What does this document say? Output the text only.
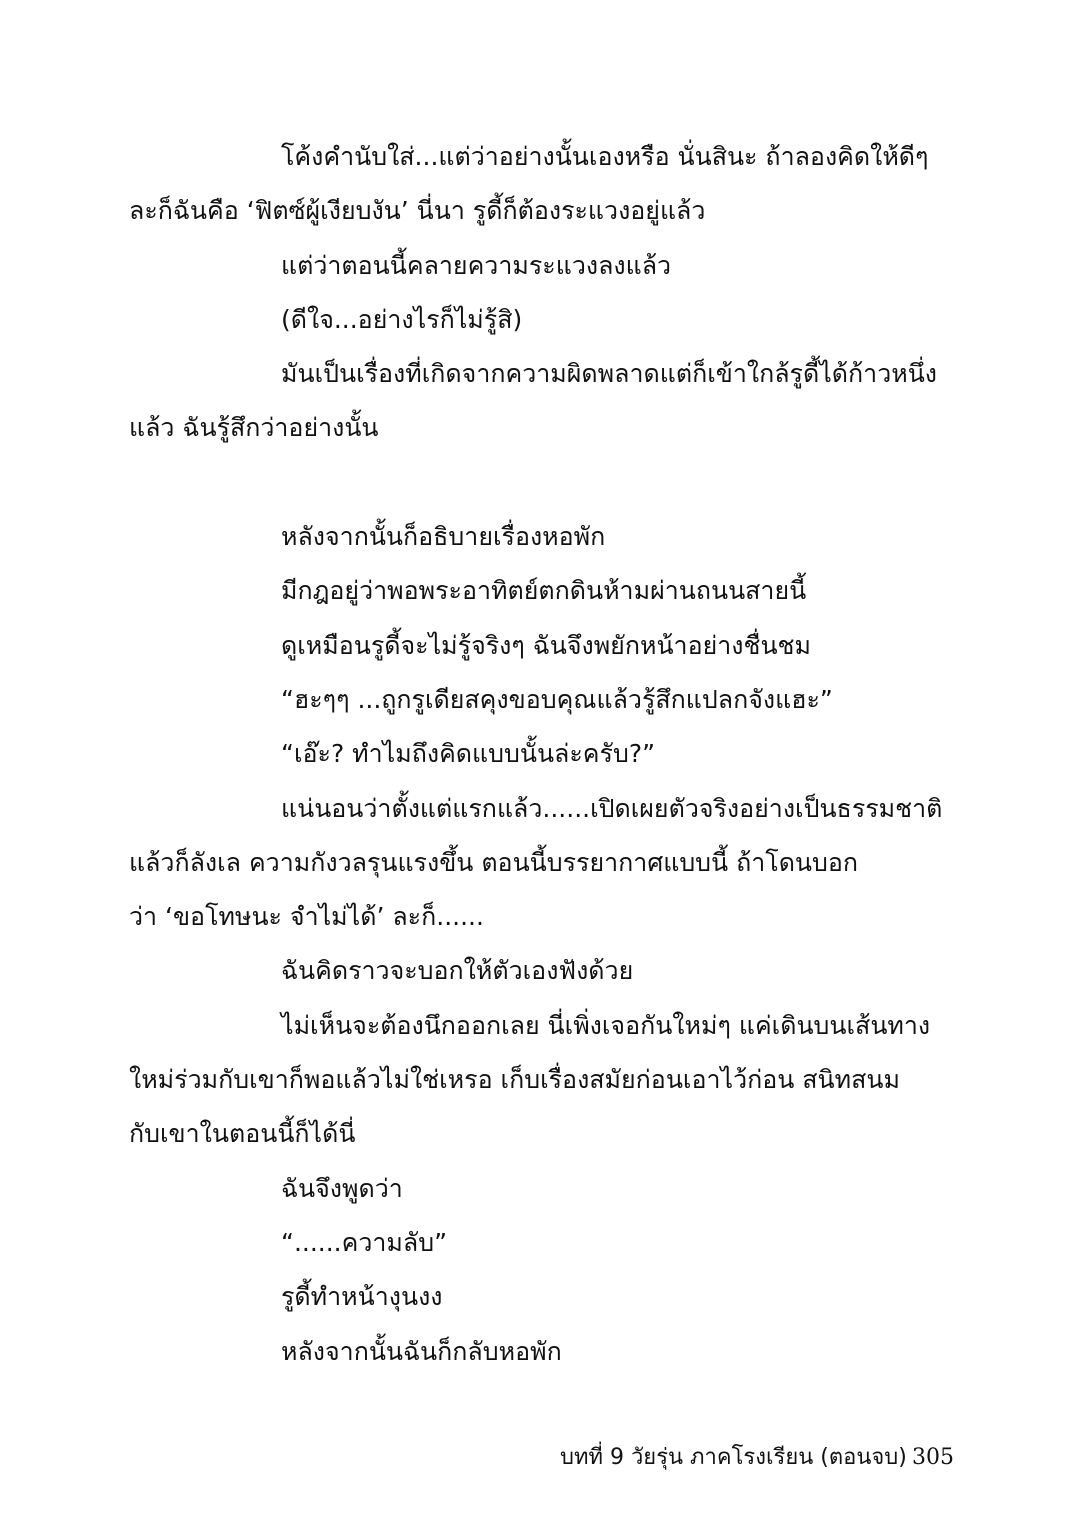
โค้งคำนับใส่...แต่ว่าอย่างนั้นเองหรือ นั่นสินะ ถ้าลองคิดให้ดีๆ
ละก็ฉันคือ ‘ฟิตซ์ผู้เงียบงัน’ นี่นา รูดี้ก็ต้องระแวงอยู่แล้ว

แต่ว่าตอนนี้คลายความระแวงลงแล้ว

(ดีใจ...อย่างไรก็ไม่รู้สิ)

มันเป็นเรื่องที่เกิดจากความผิดพลาดแต่ก็เข้าใกล้รูดี้ได้ก้าวหนึ่ง
แล้ว ฉันรู้สึกว่าอย่างนั้น

หลังจากนั้นก็อธิบายเรื่องหอพัก

มีกฎอยู่ว่าพอพระอาทิตย์ตกดินห้ามผ่านถนนสายนี้

ดูเหมือนรูดี้จะไม่รู้จริงๆ ฉันจึงพยักหน้าอย่างชื่นชม

“ฮะๆๆ ...ถูกรูเดียสคุงขอบคุณแล้วรู้สึกแปลกจังแฮะ”

“เอ๊ะ? ทำไมถึงคิดแบบนั้นล่ะครับ?”

แน่นอนว่าตั้งแต่แรกแล้ว......เปิดเผยตัวจริงอย่างเป็นธรรมชาติ
แล้วก็ลังเล ความกังวลรุนแรงขึ้น ตอนนี้บรรยากาศแบบนี้ ถ้าโดนบอก
ว่า ‘ขอโทษนะ จำไม่ได้’ ละก็......

ฉันคิดราวจะบอกให้ตัวเองฟังด้วย

ไม่เห็นจะต้องนึกออกเลย นี่เพิ่งเจอกันใหม่ๆ แค่เดินบนเส้นทาง
ใหม่ร่วมกับเขาก็พอแล้วไม่ใช่เหรอ เก็บเรื่องสมัยก่อนเอาไว้ก่อน สนิทสนม
กับเขาในตอนนี้ก็ได้นี่

ฉันจึงพูดว่า

“......ความลับ”

รูดี้ทำหน้างุนงง

หลังจากนั้นฉันก็กลับหอพัก

บทที่ 9 วัยรุ่น ภาคโรงเรียน (ตอนจบ) 305
